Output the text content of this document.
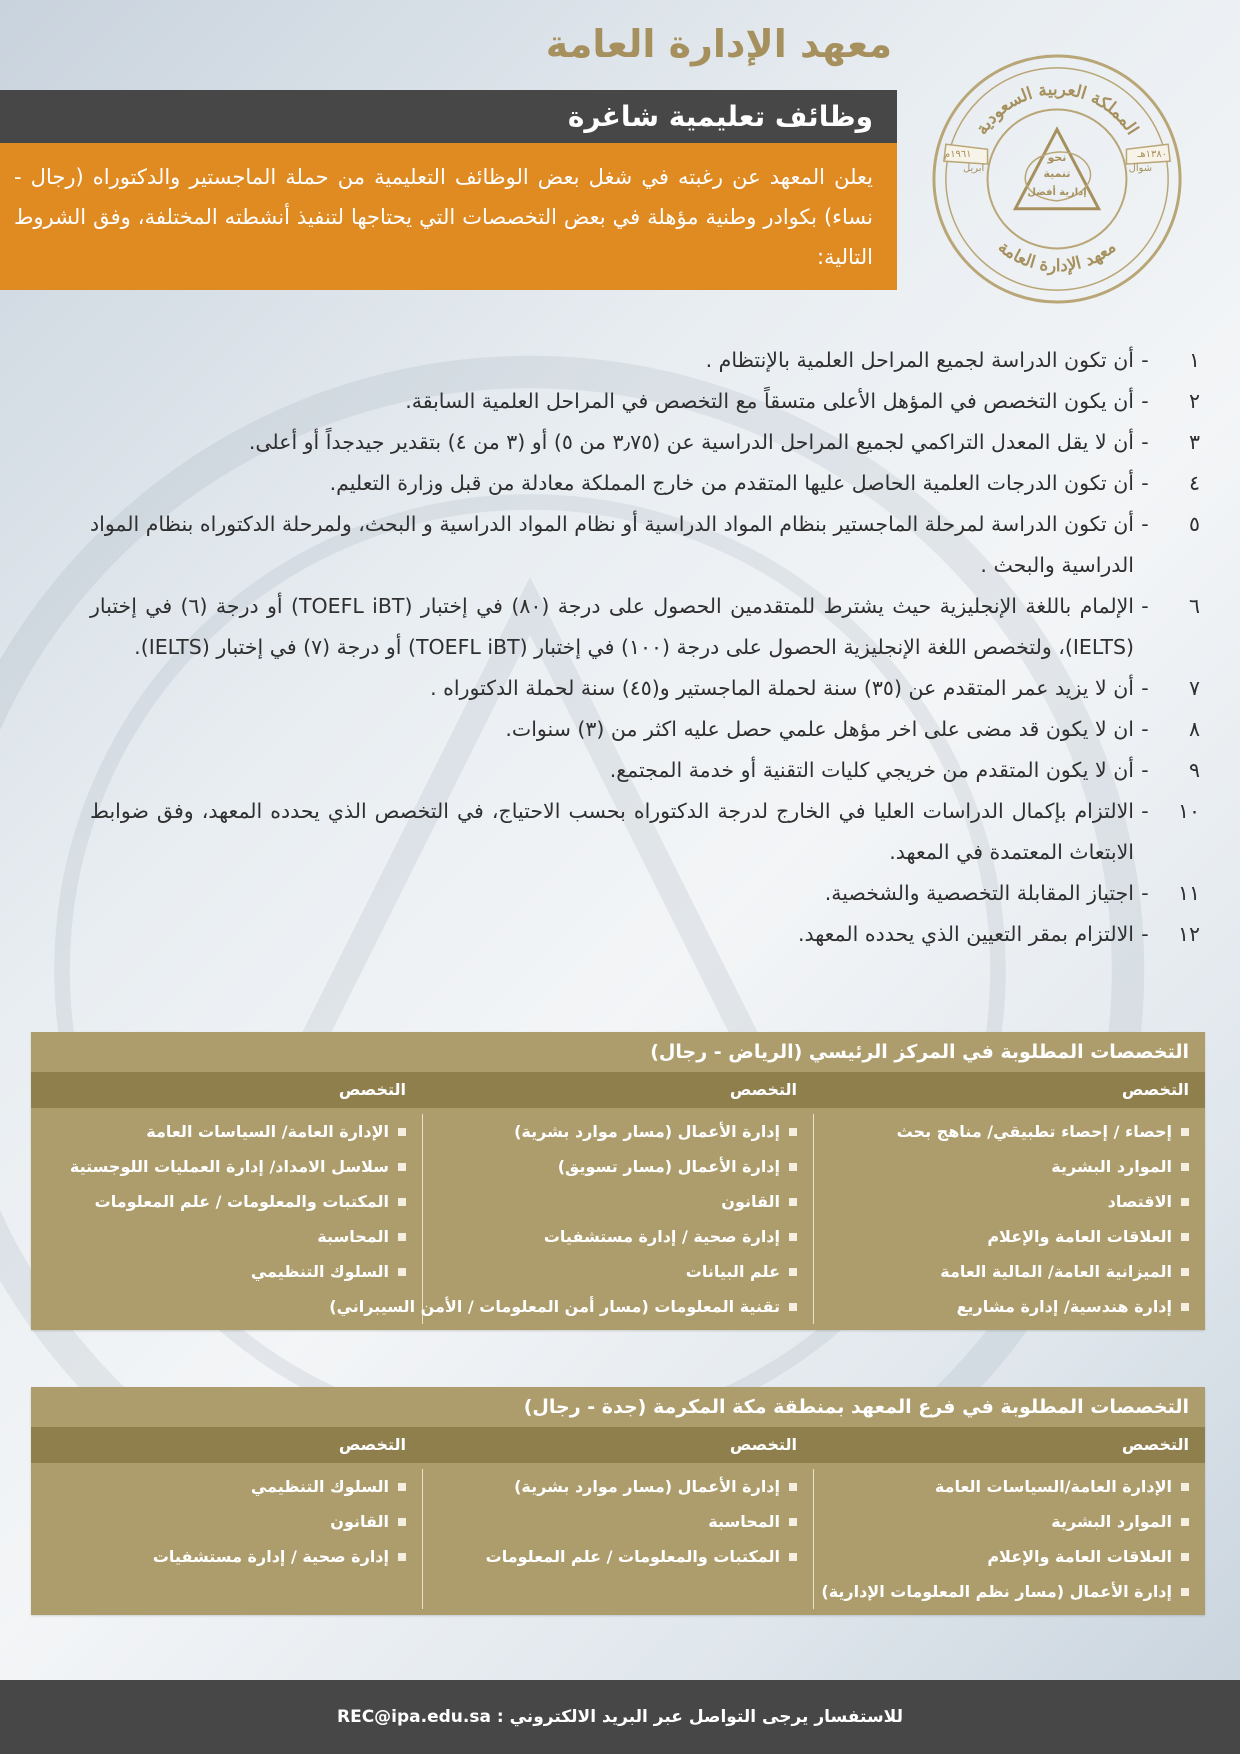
معهد الإدارة العامة
وظائف تعليمية شاغرة
يعلن المعهد عن رغبته في شغل بعض الوظائف التعليمية من حملة الماجستير والدكتوراه (رجال - نساء) بكوادر وطنية مؤهلة في بعض التخصصات التي يحتاجها لتنفيذ أنشطته المختلفة، وفق الشروط التالية:
المملكة العربية السعودية
معهد الإدارة العامة
نحو
تنمية
إدارية أفضل
١٩٦١م
ابريل
١٣٨٠هـ
شوال
١
-
أن تكون الدراسة لجميع المراحل العلمية بالإنتظام .
٢
-
أن يكون التخصص في المؤهل الأعلى متسقاً مع التخصص في المراحل العلمية السابقة.
٣
-
أن لا يقل المعدل التراكمي لجميع المراحل الدراسية عن (٣٫٧٥ من ٥) أو (٣ من ٤) بتقدير جيدجداً أو أعلى.
٤
-
أن تكون الدرجات العلمية الحاصل عليها المتقدم من خارج المملكة معادلة من قبل وزارة التعليم.
٥
-
أن تكون الدراسة لمرحلة الماجستير بنظام المواد الدراسية أو نظام المواد الدراسية و البحث، ولمرحلة الدكتوراه بنظام المواد الدراسية والبحث .
٦
-
الإلمام باللغة الإنجليزية حيث يشترط للمتقدمين الحصول على درجة (٨٠) في إختبار (TOEFL iBT) أو درجة (٦) في إختبار (IELTS)، ولتخصص اللغة الإنجليزية الحصول على درجة (١٠٠) في إختبار (TOEFL iBT) أو درجة (٧) في إختبار (IELTS).
٧
-
أن لا يزيد عمر المتقدم عن (٣٥) سنة لحملة الماجستير و(٤٥) سنة لحملة الدكتوراه .
٨
-
ان لا يكون قد مضى على اخر مؤهل علمي حصل عليه اكثر من (٣) سنوات.
٩
-
أن لا يكون المتقدم من خريجي كليات التقنية أو خدمة المجتمع.
١٠
-
الالتزام بإكمال الدراسات العليا في الخارج لدرجة الدكتوراه بحسب الاحتياج، في التخصص الذي يحدده المعهد، وفق ضوابط الابتعاث المعتمدة في المعهد.
١١
-
اجتياز المقابلة التخصصية والشخصية.
١٢
-
الالتزام بمقر التعيين الذي يحدده المعهد.
التخصصات المطلوبة في المركز الرئيسي (الرياض - رجال)
التخصص
التخصص
التخصص
إحصاء / إحصاء تطبيقي/ مناهج بحث
الموارد البشرية
الاقتصاد
العلاقات العامة والإعلام
الميزانية العامة/ المالية العامة
إدارة هندسية/ إدارة مشاريع
إدارة الأعمال (مسار موارد بشرية)
إدارة الأعمال (مسار تسويق)
القانون
إدارة صحية / إدارة مستشفيات
علم البيانات
تقنية المعلومات (مسار أمن المعلومات / الأمن السيبراني)
الإدارة العامة/ السياسات العامة
سلاسل الامداد/ إدارة العمليات اللوجستية
المكتبات والمعلومات / علم المعلومات
المحاسبة
السلوك التنظيمي
التخصصات المطلوبة في فرع المعهد بمنطقة مكة المكرمة (جدة - رجال)
التخصص
التخصص
التخصص
الإدارة العامة/السياسات العامة
الموارد البشرية
العلاقات العامة والإعلام
إدارة الأعمال (مسار نظم المعلومات الإدارية)
إدارة الأعمال (مسار موارد بشرية)
المحاسبة
المكتبات والمعلومات / علم المعلومات
السلوك التنظيمي
القانون
إدارة صحية / إدارة مستشفيات
للاستفسار يرجى التواصل عبر البريد الالكتروني : REC@ipa.edu.sa
